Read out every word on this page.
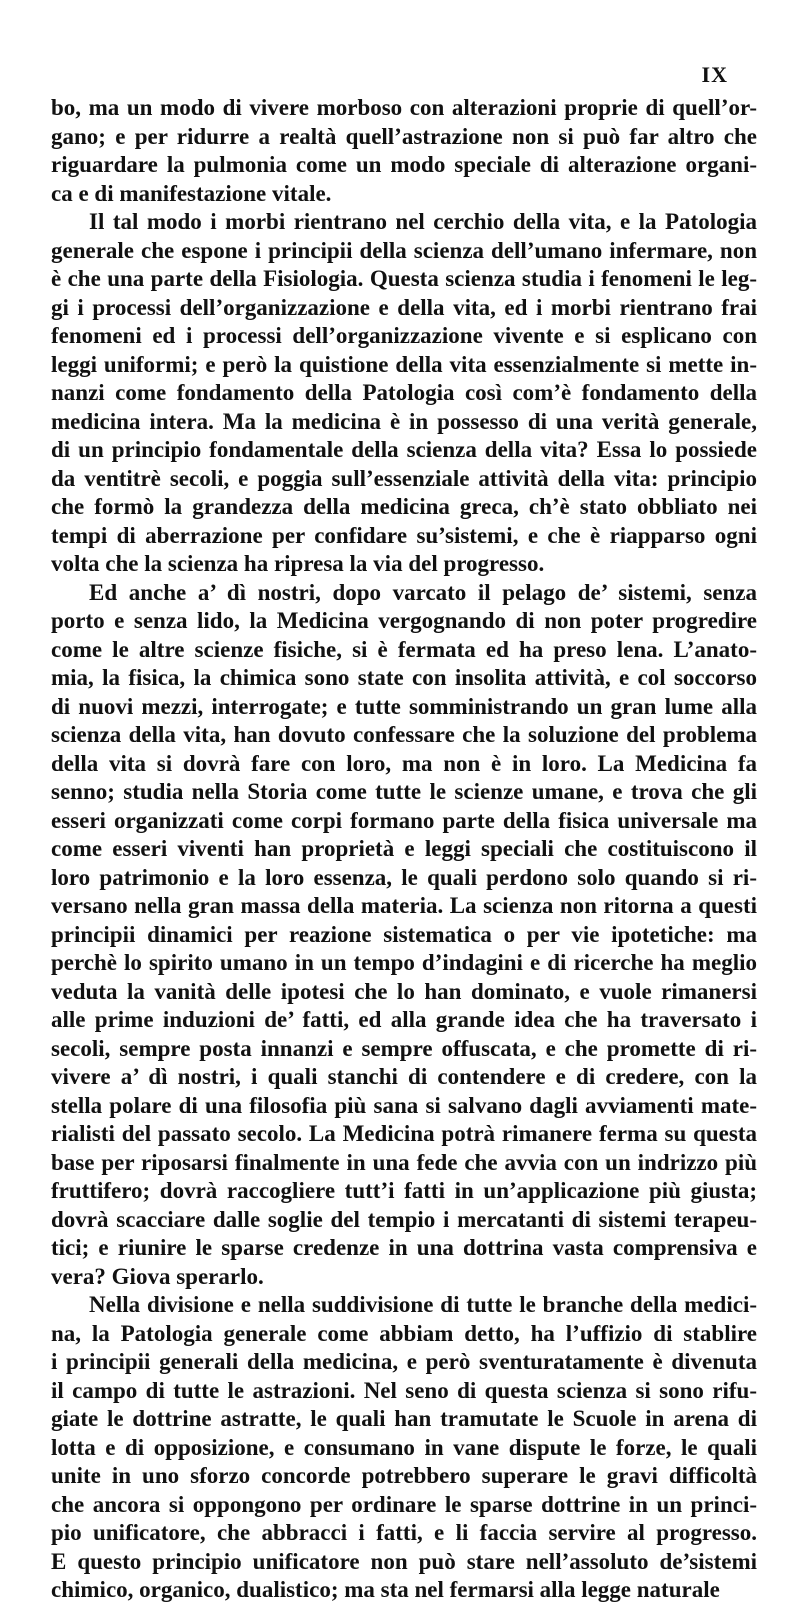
IX

bo, ma un modo di vivere morboso con alterazioni proprie di quell’or-
gano; e per ridurre a realtà quell’astrazione non si può far altro che
riguardare la pulmonia come un modo speciale di alterazione organi-
ca e di manifestazione vitale.

Il tal modo i morbi rientrano nel cerchio della vita, e la Patologia
generale che espone i principii della scienza dell’umano infermare, non
è che una parte della Fisiologia. Questa scienza studia i fenomeni le leg-
gi i processi dell’organizzazione e della vita, ed i morbi rientrano frai
fenomeni ed i processi dell’organizzazione vivente e si esplicano con
leggi uniformi; e però la quistione della vita essenzialmente si mette in-
nanzi come fondamento della Patologia così com’è fondamento della
medicina intera. Ma la medicina è in possesso di una verità generale,
di un principio fondamentale della scienza della vita? Essa lo possiede
da ventitrè secoli, e poggia sull’essenziale attività della vita: principio
che formò la grandezza della medicina greca, ch’è stato obbliato nei
tempi di aberrazione per confidare su’sistemi, e che è riapparso ogni
volta che la scienza ha ripresa la via del progresso.

Ed anche a’ dì nostri, dopo varcato il pelago de’ sistemi, senza
porto e senza lido, la Medicina vergognando di non poter progredire
come le altre scienze fisiche, si è fermata ed ha preso lena. L’anato-
mia, la fisica, la chimica sono state con insolita attività, e col soccorso
di nuovi mezzi, interrogate; e tutte somministrando un gran lume alla
scienza della vita, han dovuto confessare che la soluzione del problema
della vita si dovrà fare con loro, ma non è in loro. La Medicina fa
senno; studia nella Storia come tutte le scienze umane, e trova che gli
esseri organizzati come corpi formano parte della fisica universale ma
come esseri viventi han proprietà e leggi speciali che costituiscono il
loro patrimonio e la loro essenza, le quali perdono solo quando si ri-
versano nella gran massa della materia. La scienza non ritorna a questi
principii dinamici per reazione sistematica o per vie ipotetiche: ma
perchè lo spirito umano in un tempo d’indagini e di ricerche ha meglio
veduta la vanità delle ipotesi che lo han dominato, e vuole rimanersi
alle prime induzioni de’ fatti, ed alla grande idea che ha traversato i
secoli, sempre posta innanzi e sempre offuscata, e che promette di ri-
vivere a’ dì nostri, i quali stanchi di contendere e di credere, con la
stella polare di una filosofia più sana si salvano dagli avviamenti mate-
rialisti del passato secolo. La Medicina potrà rimanere ferma su questa
base per riposarsi finalmente in una fede che avvia con un indrizzo più
fruttifero; dovrà raccogliere tutt’i fatti in un’applicazione più giusta;
dovrà scacciare dalle soglie del tempio i mercatanti di sistemi terapeu-
tici; e riunire le sparse credenze in una dottrina vasta comprensiva e
vera? Giova sperarlo.

Nella divisione e nella suddivisione di tutte le branche della medici-
na, la Patologia generale come abbiam detto, ha l’uffizio di stablire
i principii generali della medicina, e però sventuratamente è divenuta
il campo di tutte le astrazioni. Nel seno di questa scienza si sono rifu-
giate le dottrine astratte, le quali han tramutate le Scuole in arena di
lotta e di opposizione, e consumano in vane dispute le forze, le quali
unite in uno sforzo concorde potrebbero superare le gravi difficoltà
che ancora si oppongono per ordinare le sparse dottrine in un princi-
pio unificatore, che abbracci i fatti, e li faccia servire al progresso.
E questo principio unificatore non può stare nell’assoluto de’sistemi
chimico, organico, dualistico; ma sta nel fermarsi alla legge naturale
